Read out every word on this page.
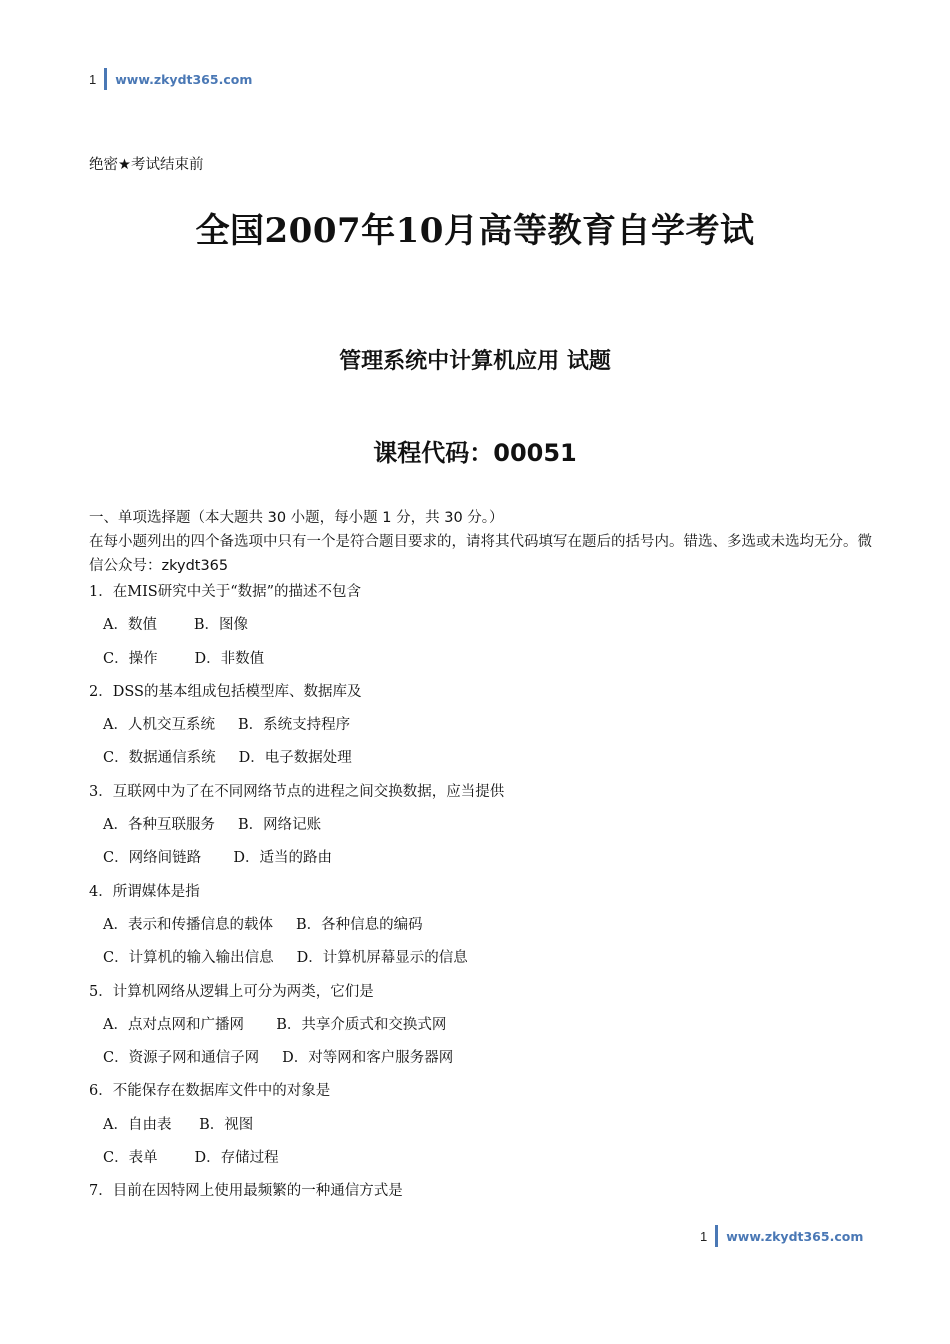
1 www.zkydt365.com
绝密★考试结束前
全国2007年10月高等教育自学考试
管理系统中计算机应用 试题
课程代码：00051
一、单项选择题（本大题共 30 小题，每小题 1 分，共 30 分。）
在每小题列出的四个备选项中只有一个是符合题目要求的，请将其代码填写在题后的括号内。错选、多选或未选均无分。微信公众号：zkydt365
1．在MIS研究中关于“数据”的描述不包含
A．数值        B．图像
C．操作        D．非数值
2．DSS的基本组成包括模型库、数据库及
A．人机交互系统     B．系统支持程序
C．数据通信系统     D．电子数据处理
3．互联网中为了在不同网络节点的进程之间交换数据，应当提供
A．各种互联服务     B．网络记账
C．网络间链路       D．适当的路由
4．所谓媒体是指
A．表示和传播信息的载体     B．各种信息的编码
C．计算机的输入输出信息     D．计算机屏幕显示的信息
5．计算机网络从逻辑上可分为两类，它们是
A．点对点网和广播网       B．共享介质式和交换式网
C．资源子网和通信子网     D．对等网和客户服务器网
6．不能保存在数据库文件中的对象是
A．自由表      B．视图
C．表单        D．存储过程
7．目前在因特网上使用最频繁的一种通信方式是
1 www.zkydt365.com
